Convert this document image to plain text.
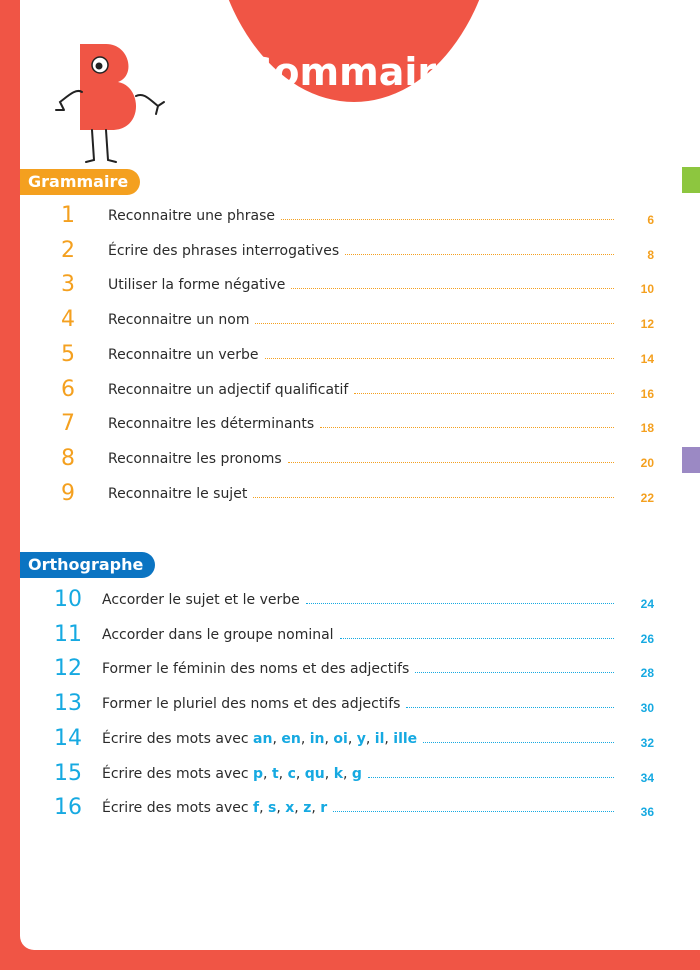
Sommaire
Grammaire
1	Reconnaitre une phrase	6
2	Écrire des phrases interrogatives	8
3	Utiliser la forme négative	10
4	Reconnaitre un nom	12
5	Reconnaitre un verbe	14
6	Reconnaitre un adjectif qualificatif	16
7	Reconnaitre les déterminants	18
8	Reconnaitre les pronoms	20
9	Reconnaitre le sujet	22
Orthographe
10	Accorder le sujet et le verbe	24
11	Accorder dans le groupe nominal	26
12	Former le féminin des noms et des adjectifs	28
13	Former le pluriel des noms et des adjectifs	30
14	Écrire des mots avec an, en, in, oi, y, il, ille	32
15	Écrire des mots avec p, t, c, qu, k, g	34
16	Écrire des mots avec f, s, x, z, r	36
